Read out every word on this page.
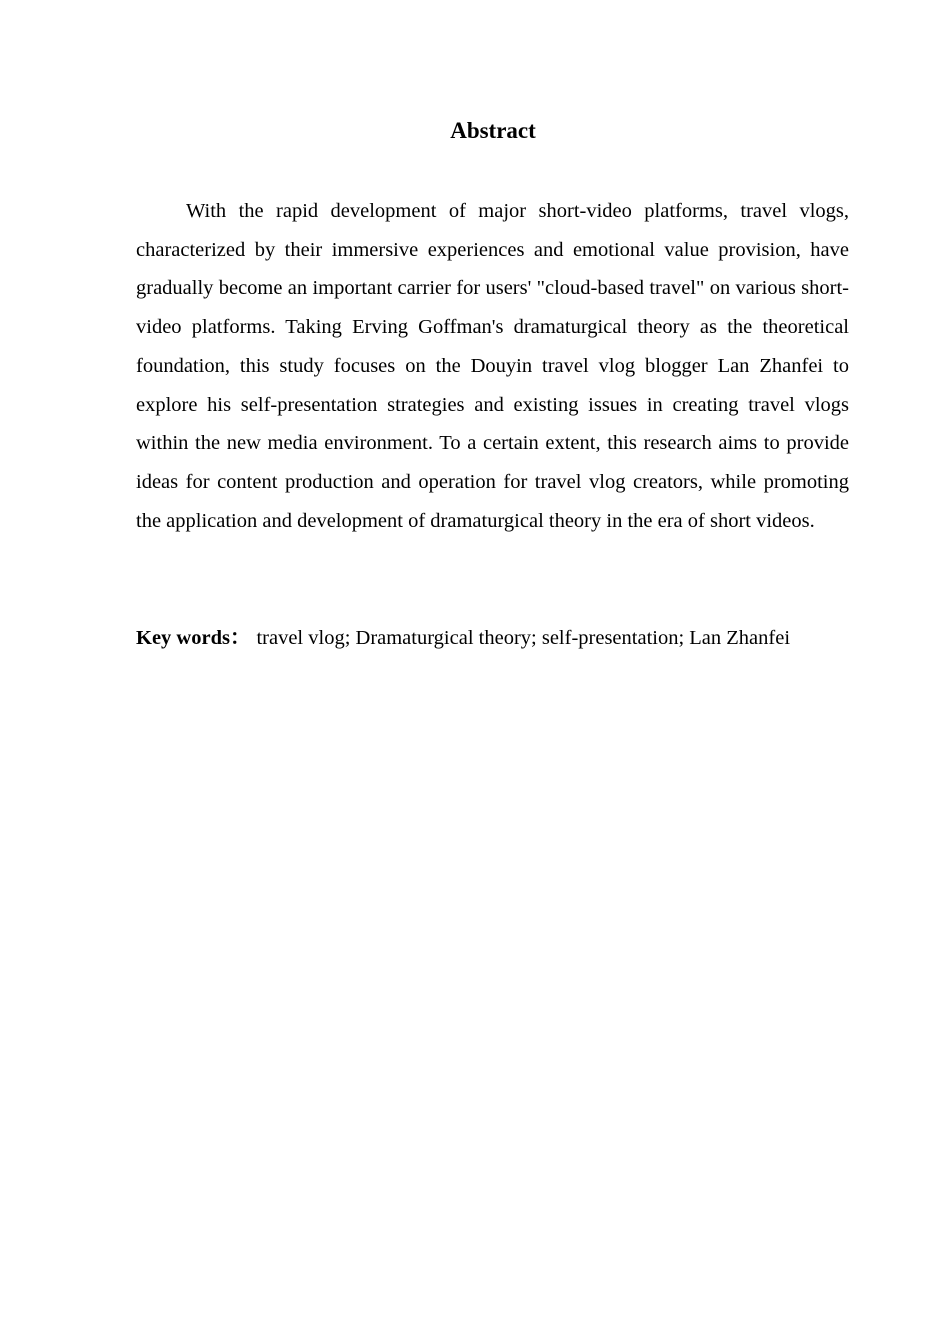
Abstract

With the rapid development of major short-video platforms, travel vlogs, characterized by their immersive experiences and emotional value provision, have gradually become an important carrier for users' "cloud-based travel" on various short-video platforms. Taking Erving Goffman's dramaturgical theory as the theoretical foundation, this study focuses on the Douyin travel vlog blogger Lan Zhanfei to explore his self-presentation strategies and existing issues in creating travel vlogs within the new media environment. To a certain extent, this research aims to provide ideas for content production and operation for travel vlog creators, while promoting the application and development of dramaturgical theory in the era of short videos.

Key words： travel vlog; Dramaturgical theory; self-presentation; Lan Zhanfei
